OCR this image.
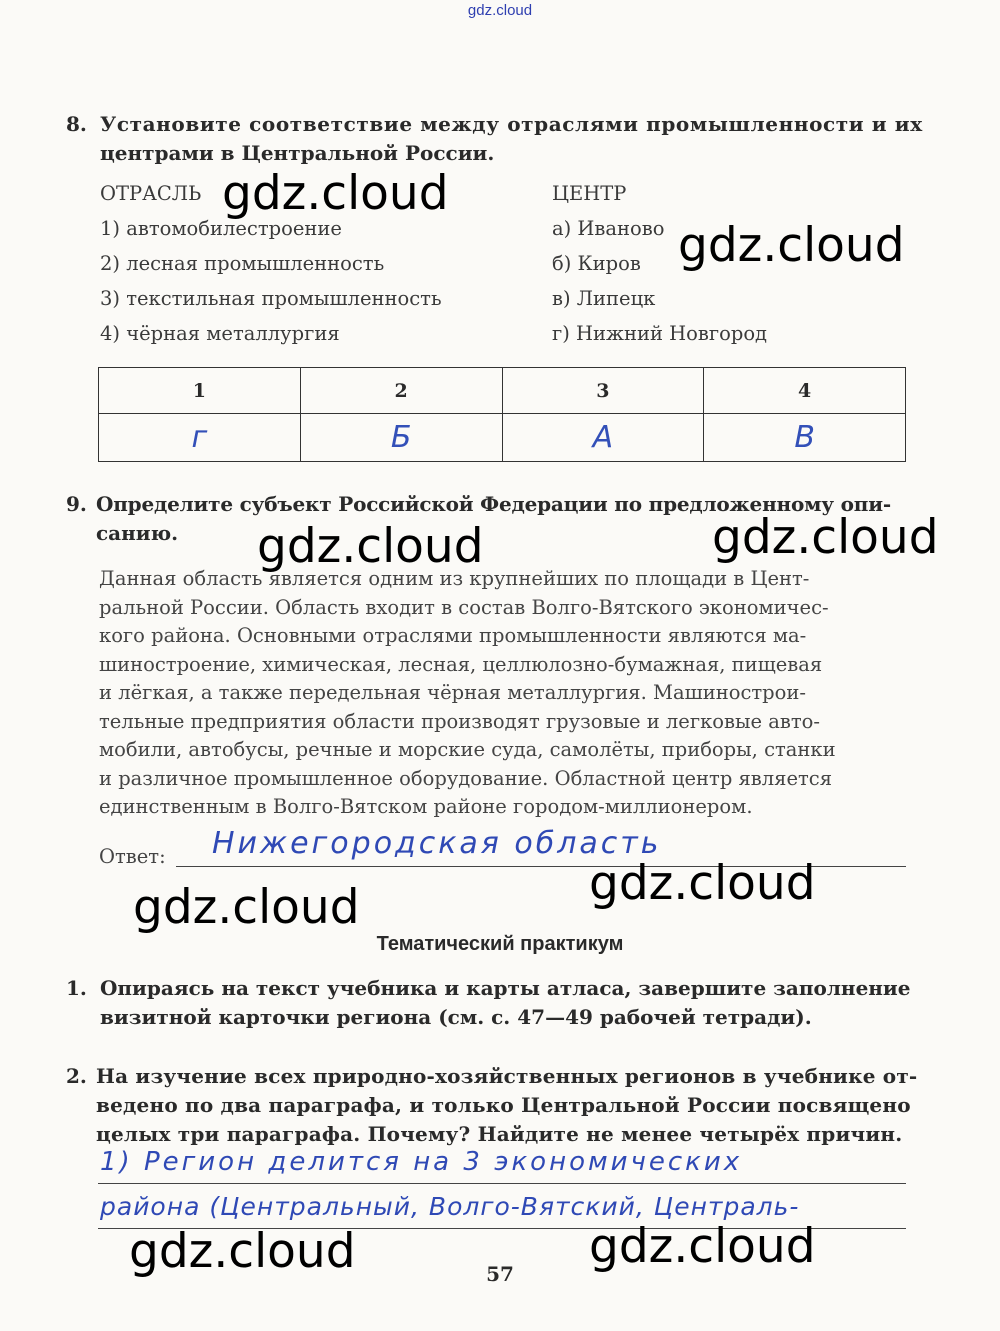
gdz.cloud
8. Установите соответствие между отраслями промышленности и их
центрами в Центральной России.
ОТРАСЛЬ
1) автомобилестроение
2) лесная промышленность
3) текстильная промышленность
4) чёрная металлургия
ЦЕНТР
а) Иваново
б) Киров
в) Липецк
г) Нижний Новгород
1	2	3	4
г	Б	А	В
9. Определите субъект Российской Федерации по предложенному опи-
санию.
Данная область является одним из крупнейших по площади в Цент-
ральной России. Область входит в состав Волго-Вятского экономичес-
кого района. Основными отраслями промышленности являются ма-
шиностроение, химическая, лесная, целлюлозно-бумажная, пищевая
и лёгкая, а также передельная чёрная металлургия. Машинострои-
тельные предприятия области производят грузовые и легковые авто-
мобили, автобусы, речные и морские суда, самолёты, приборы, станки
и различное промышленное оборудование. Областной центр является
единственным в Волго-Вятском районе городом-миллионером.
Ответ: Нижегородская область
Тематический практикум
1. Опираясь на текст учебника и карты атласа, завершите заполнение
визитной карточки региона (см. с. 47—49 рабочей тетради).
2. На изучение всех природно-хозяйственных регионов в учебнике от-
ведено по два параграфа, и только Центральной России посвящено
целых три параграфа. Почему? Найдите не менее четырёх причин.
1) Регион делится на 3 экономических
района (Центральный, Волго-Вятский, Централь-
57
gdz.cloud
gdz.cloud
gdz.cloud	gdz.cloud
gdz.cloud
gdz.cloud
gdz.cloud
gdz.cloud
